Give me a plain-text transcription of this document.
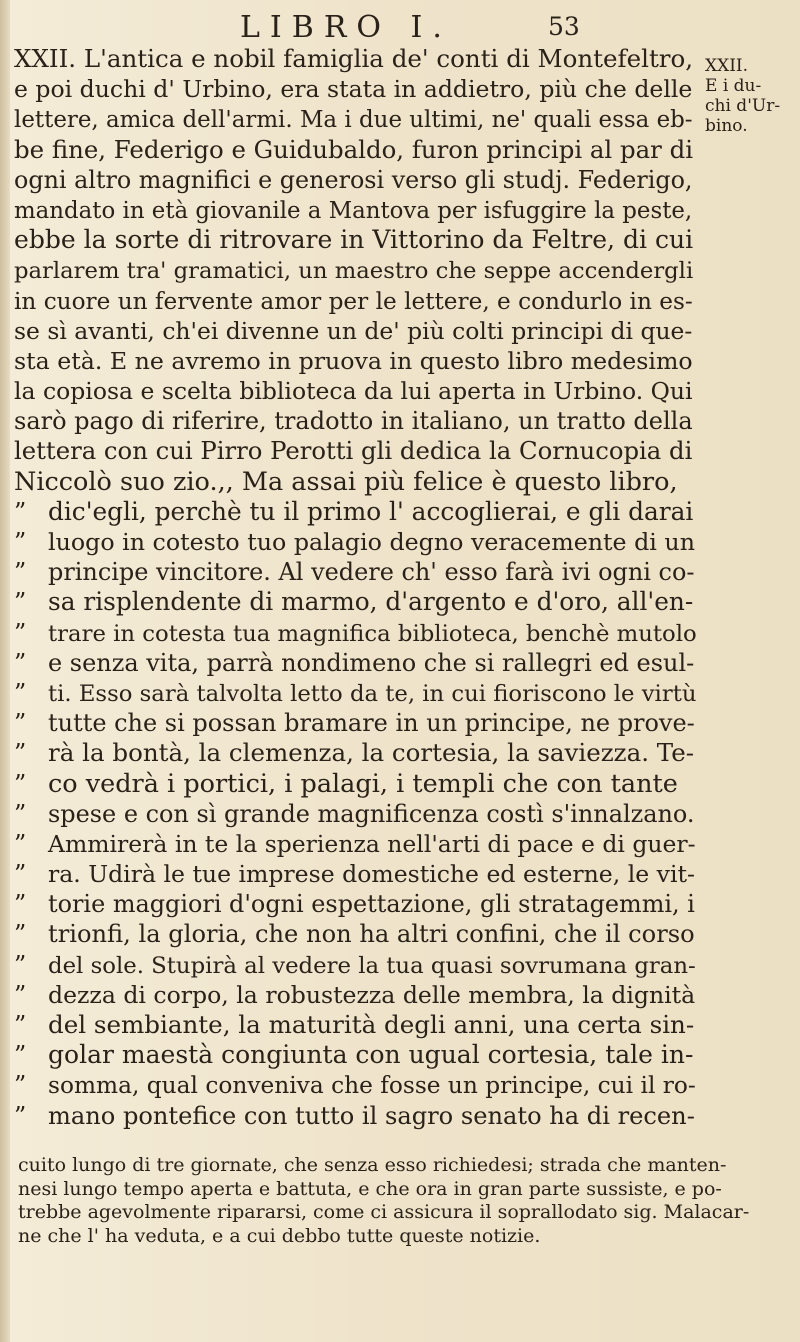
LIBRO I.	53
XXII. L'antica e nobil famiglia de' conti di Montefeltro,
e poi duchi d' Urbino, era stata in addietro, più che delle
lettere, amica dell'armi. Ma i due ultimi, ne' quali essa eb-
be fine, Federigo e Guidubaldo, furon principi al par di
ogni altro magnifici e generosi verso gli studj. Federigo,
mandato in età giovanile a Mantova per isfuggire la peste,
ebbe la sorte di ritrovare in Vittorino da Feltre, di cui
parlarem tra' gramatici, un maestro che seppe accendergli
in cuore un fervente amor per le lettere, e condurlo in es-
se sì avanti, ch'ei divenne un de' più colti principi di que-
sta età. E ne avremo in pruova in questo libro medesimo
la copiosa e scelta biblioteca da lui aperta in Urbino. Qui
sarò pago di riferire, tradotto in italiano, un tratto della
lettera con cui Pirro Perotti gli dedica la Cornucopia di
Niccolò suo zio.,, Ma assai più felice è questo libro,
” dic'egli, perchè tu il primo l' accoglierai, e gli darai
” luogo in cotesto tuo palagio degno veracemente di un
” principe vincitore. Al vedere ch' esso farà ivi ogni co-
” sa risplendente di marmo, d'argento e d'oro, all'en-
” trare in cotesta tua magnifica biblioteca, benchè mutolo
” e senza vita, parrà nondimeno che si rallegri ed esul-
” ti. Esso sarà talvolta letto da te, in cui fioriscono le virtù
” tutte che si possan bramare in un principe, ne prove-
” rà la bontà, la clemenza, la cortesia, la saviezza. Te-
” co vedrà i portici, i palagi, i templi che con tante
” spese e con sì grande magnificenza costì s'innalzano.
” Ammirerà in te la sperienza nell'arti di pace e di guer-
” ra. Udirà le tue imprese domestiche ed esterne, le vit-
” torie maggiori d'ogni espettazione, gli stratagemmi, i
” trionfi, la gloria, che non ha altri confini, che il corso
” del sole. Stupirà al vedere la tua quasi sovrumana gran-
” dezza di corpo, la robustezza delle membra, la dignità
” del sembiante, la maturità degli anni, una certa sin-
” golar maestà congiunta con ugual cortesia, tale in-
” somma, qual conveniva che fosse un principe, cui il ro-
” mano pontefice con tutto il sagro senato ha di recen-
XXII.
E i du-
chi d'Ur-
bino.
cuito lungo di tre giornate, che senza esso richiedesi; strada che manten-
nesi lungo tempo aperta e battuta, e che ora in gran parte sussiste, e po-
trebbe agevolmente ripararsi, come ci assicura il soprallodato sig. Malacar-
ne che l' ha veduta, e a cui debbo tutte queste notizie.
